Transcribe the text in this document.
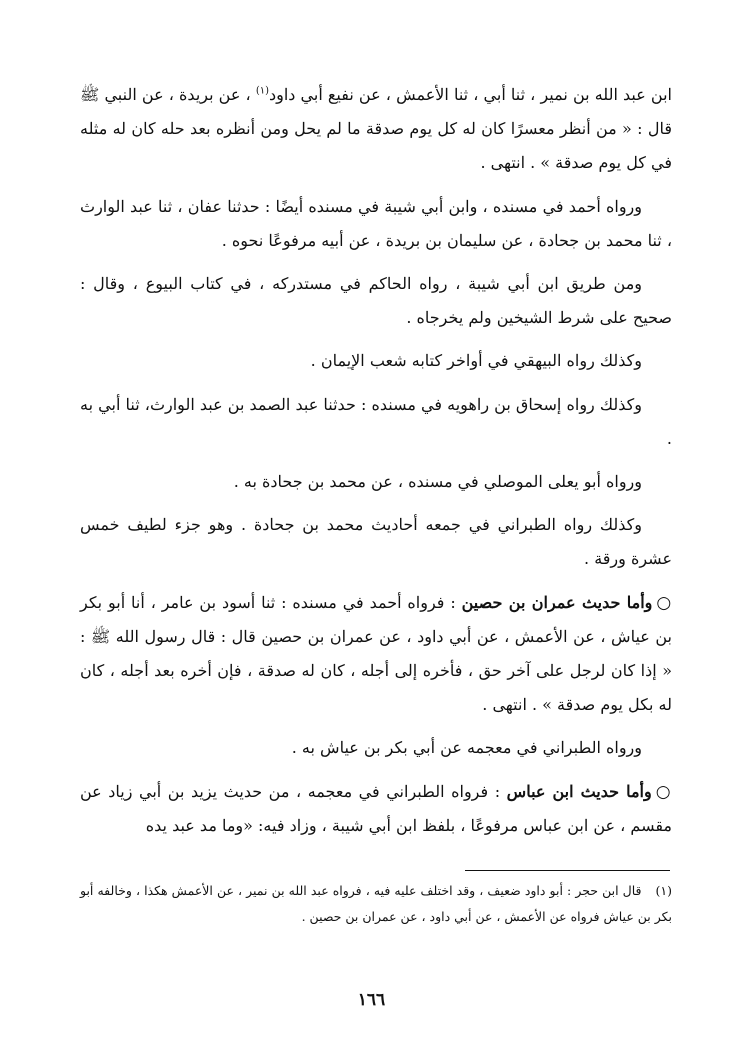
ابن عبد الله بن نمير ، ثنا أبي ، ثنا الأعمش ، عن نفيع أبي داود$^{(١)}$ ، عن بريدة ، عن النبي ﷺ قال : « من أنظر معسرًا كان له كل يوم صدقة ما لم يحل ومن أنظره بعد حله كان له مثله في كل يوم صدقة » . انتهى .

ورواه أحمد في مسنده ، وابن أبي شيبة في مسنده أيضًا : حدثنا عفان ، ثنا عبد الوارث ، ثنا محمد بن جحادة ، عن سليمان بن بريدة ، عن أبيه مرفوعًا نحوه .

ومن طريق ابن أبي شيبة ، رواه الحاكم في مستدركه ، في كتاب البيوع ، وقال : صحيح على شرط الشيخين ولم يخرجاه .

وكذلك رواه البيهقي في أواخر كتابه شعب الإيمان .

وكذلك رواه إسحاق بن راهويه في مسنده : حدثنا عبد الصمد بن عبد الوارث، ثنا أبي به .

ورواه أبو يعلى الموصلي في مسنده ، عن محمد بن جحادة به .

وكذلك رواه الطبراني في جمعه أحاديث محمد بن جحادة . وهو جزء لطيف خمس عشرة ورقة .

○وأما حديث عمران بن حصين : فرواه أحمد في مسنده : ثنا أسود بن عامر ، أنا أبو بكر بن عياش ، عن الأعمش ، عن أبي داود ، عن عمران بن حصين قال : قال رسول الله ﷺ : « إذا كان لرجل على آخر حق ، فأخره إلى أجله ، كان له صدقة ، فإن أخره بعد أجله ، كان له بكل يوم صدقة » . انتهى .

ورواه الطبراني في معجمه عن أبي بكر بن عياش به .

○وأما حديث ابن عباس : فرواه الطبراني في معجمه ، من حديث يزيد بن أبي زياد عن مقسم ، عن ابن عباس مرفوعًا ، بلفظ ابن أبي شيبة ، وزاد فيه: «وما مد عبد يده

(١)قال ابن حجر : أبو داود ضعيف ، وقد اختلف عليه فيه ، فرواه عبد الله بن نمير ، عن الأعمش هكذا ، وخالفه أبو بكر بن عياش فرواه عن الأعمش ، عن أبي داود ، عن عمران بن حصين .
١٦٦
